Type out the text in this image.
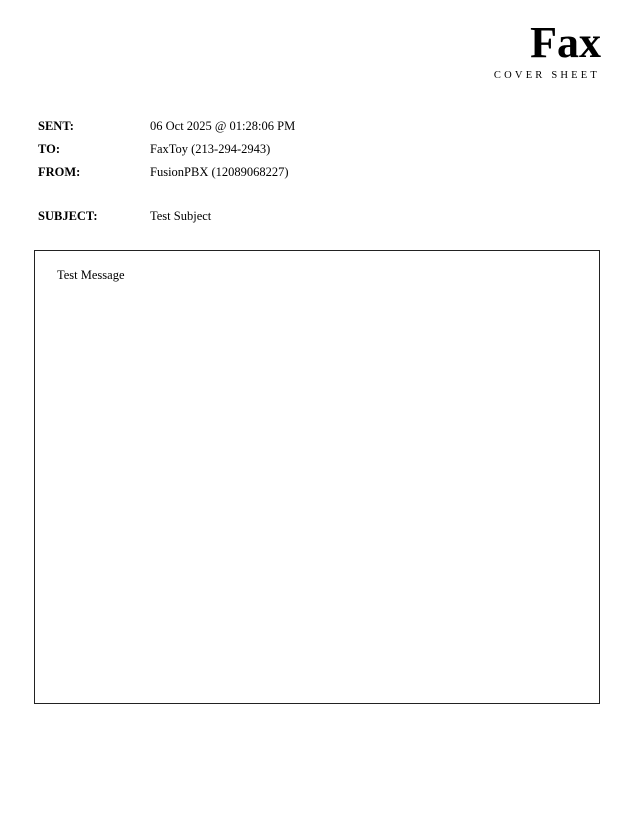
Fax
COVER SHEET
SENT:	06 Oct 2025 @ 01:28:06 PM
TO:	FaxToy (213-294-2943)
FROM:	FusionPBX (12089068227)
SUBJECT:	Test Subject
Test Message
